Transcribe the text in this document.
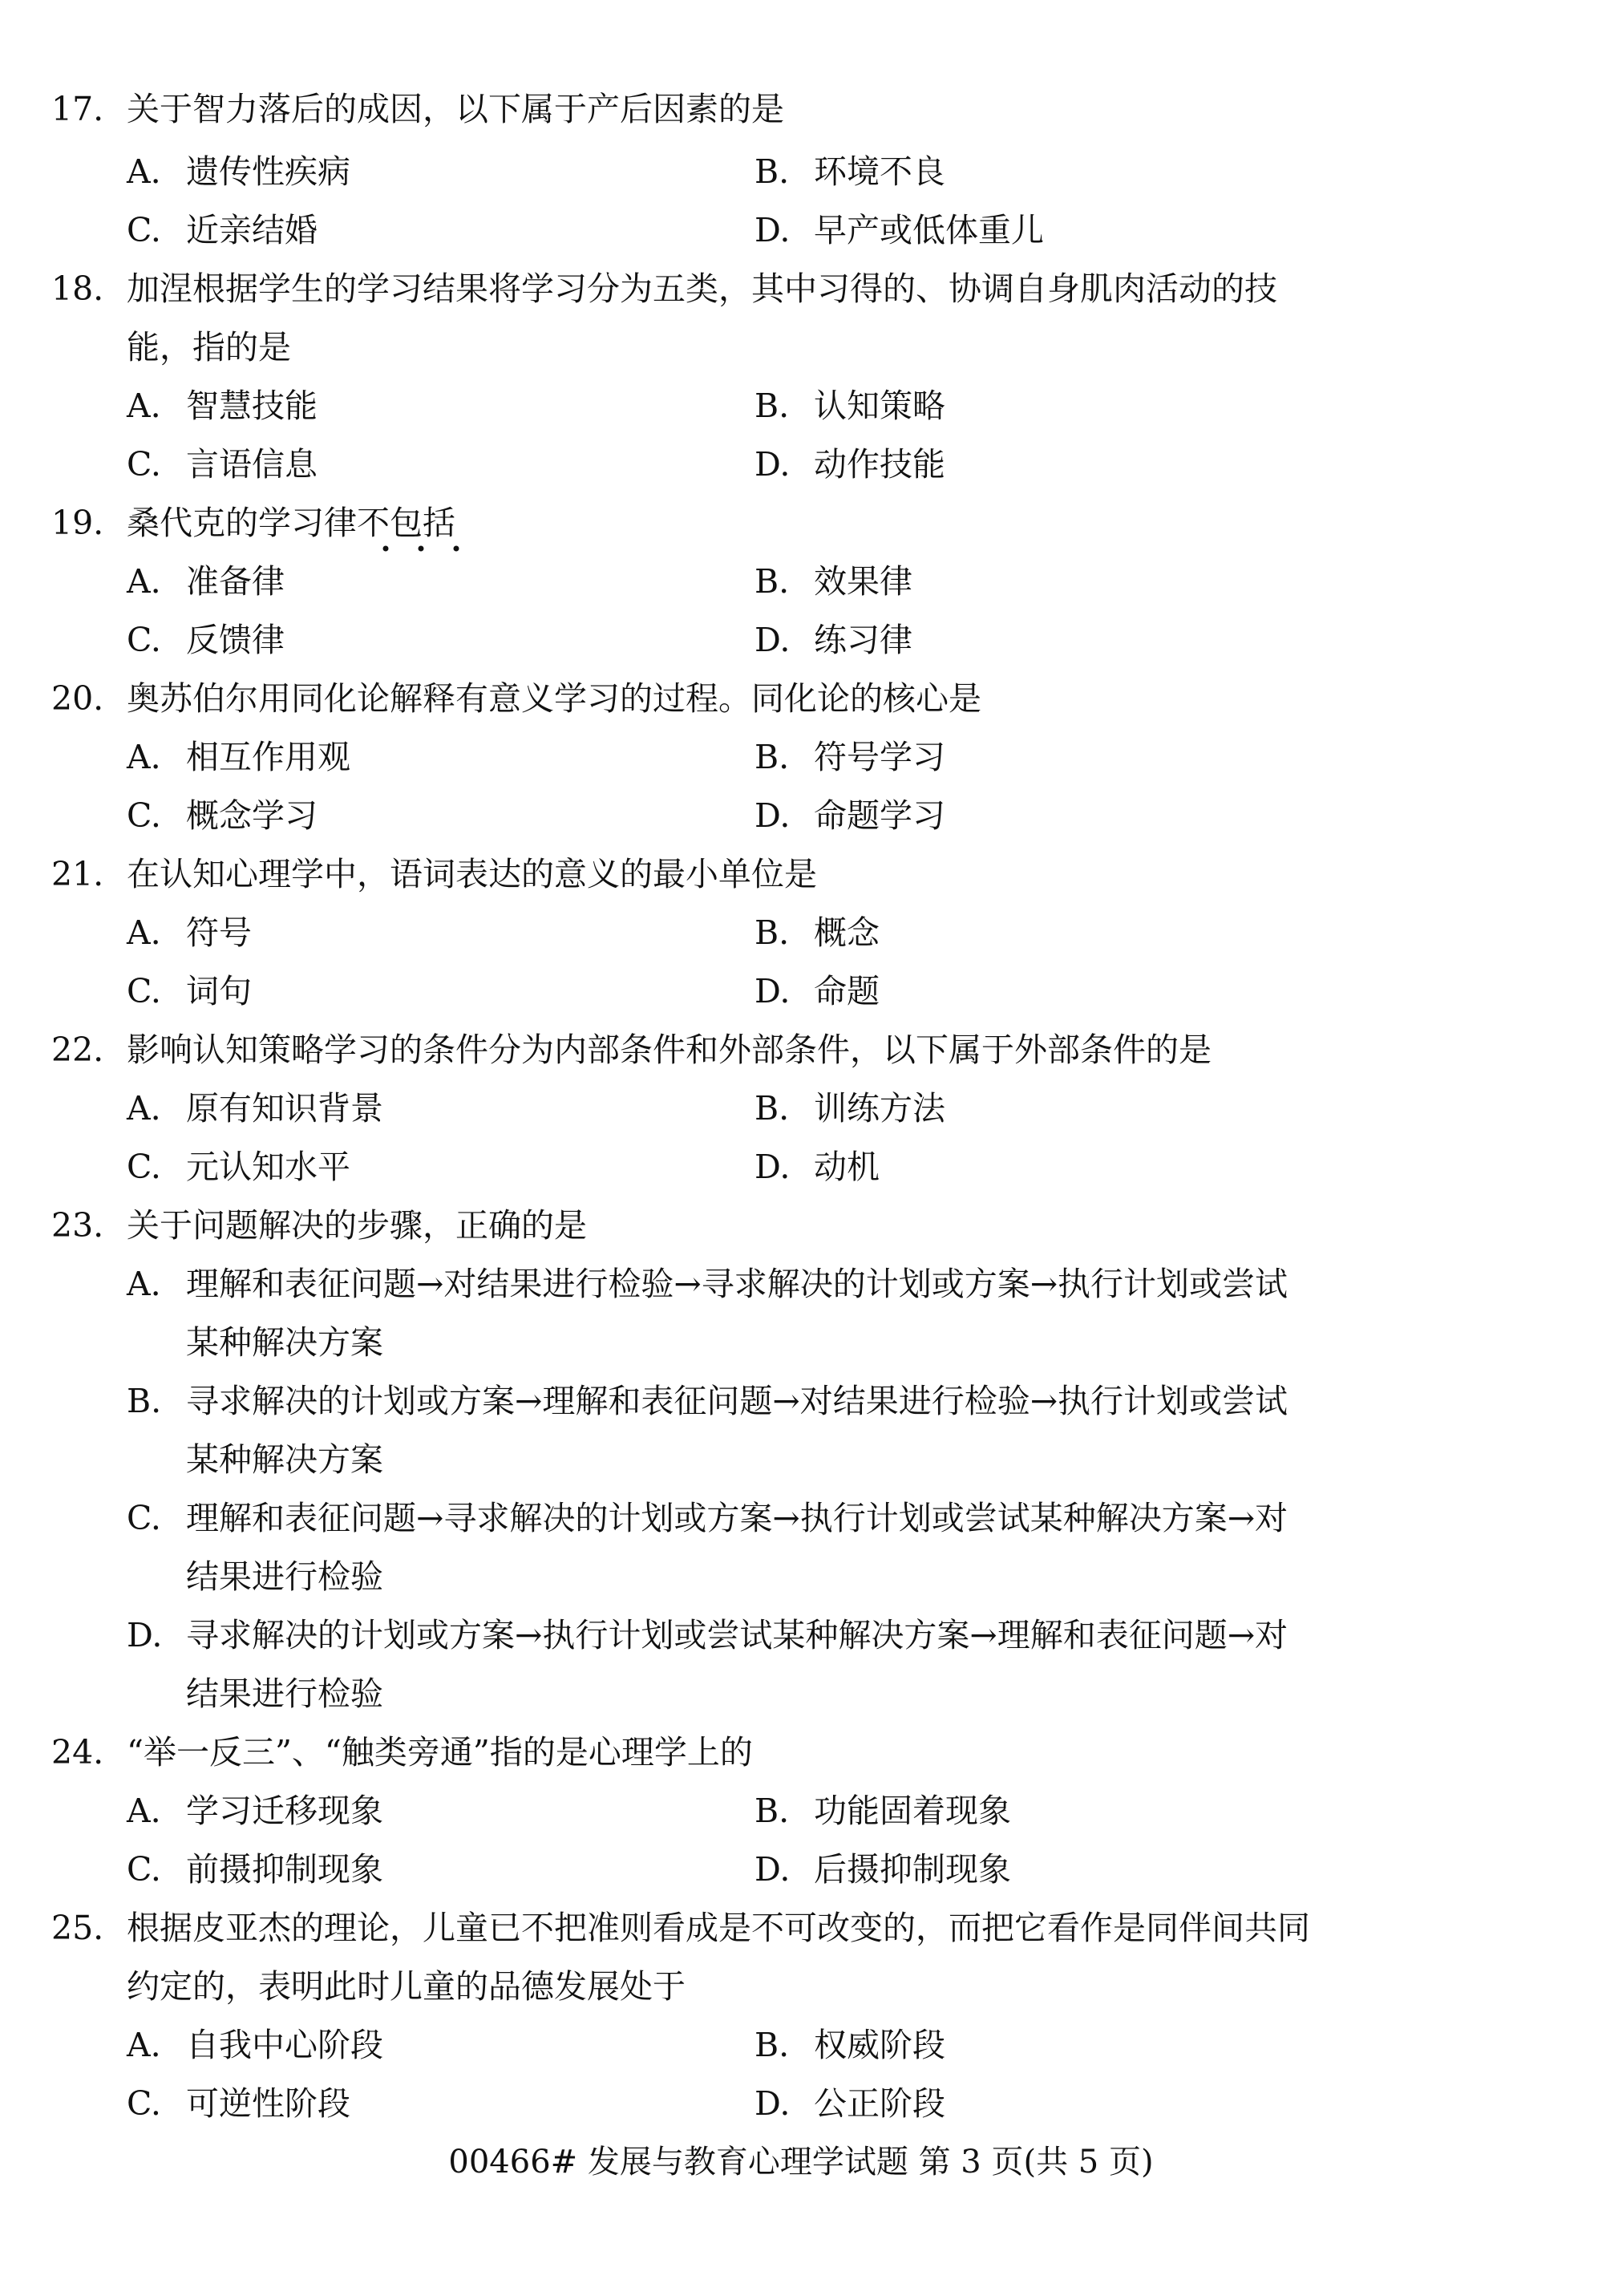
17. 关于智力落后的成因，以下属于产后因素的是
A. 遗传性疾病	B. 环境不良
C. 近亲结婚	D. 早产或低体重儿
18. 加涅根据学生的学习结果将学习分为五类，其中习得的、协调自身肌肉活动的技
能，指的是
A. 智慧技能	B. 认知策略
C. 言语信息	D. 动作技能
19. 桑代克的学习律不包括
A. 准备律	B. 效果律
C. 反馈律	D. 练习律
20. 奥苏伯尔用同化论解释有意义学习的过程。同化论的核心是
A. 相互作用观	B. 符号学习
C. 概念学习	D. 命题学习
21. 在认知心理学中，语词表达的意义的最小单位是
A. 符号	B. 概念
C. 词句	D. 命题
22. 影响认知策略学习的条件分为内部条件和外部条件，以下属于外部条件的是
A. 原有知识背景	B. 训练方法
C. 元认知水平	D. 动机
23. 关于问题解决的步骤，正确的是
A. 理解和表征问题→对结果进行检验→寻求解决的计划或方案→执行计划或尝试
某种解决方案
B. 寻求解决的计划或方案→理解和表征问题→对结果进行检验→执行计划或尝试
某种解决方案
C. 理解和表征问题→寻求解决的计划或方案→执行计划或尝试某种解决方案→对
结果进行检验
D. 寻求解决的计划或方案→执行计划或尝试某种解决方案→理解和表征问题→对
结果进行检验
24. “举一反三”、“触类旁通”指的是心理学上的
A. 学习迁移现象	B. 功能固着现象
C. 前摄抑制现象	D. 后摄抑制现象
25. 根据皮亚杰的理论，儿童已不把准则看成是不可改变的，而把它看作是同伴间共同
约定的，表明此时儿童的品德发展处于
A. 自我中心阶段	B. 权威阶段
C. 可逆性阶段	D. 公正阶段
00466# 发展与教育心理学试题 第 3 页(共 5 页)
